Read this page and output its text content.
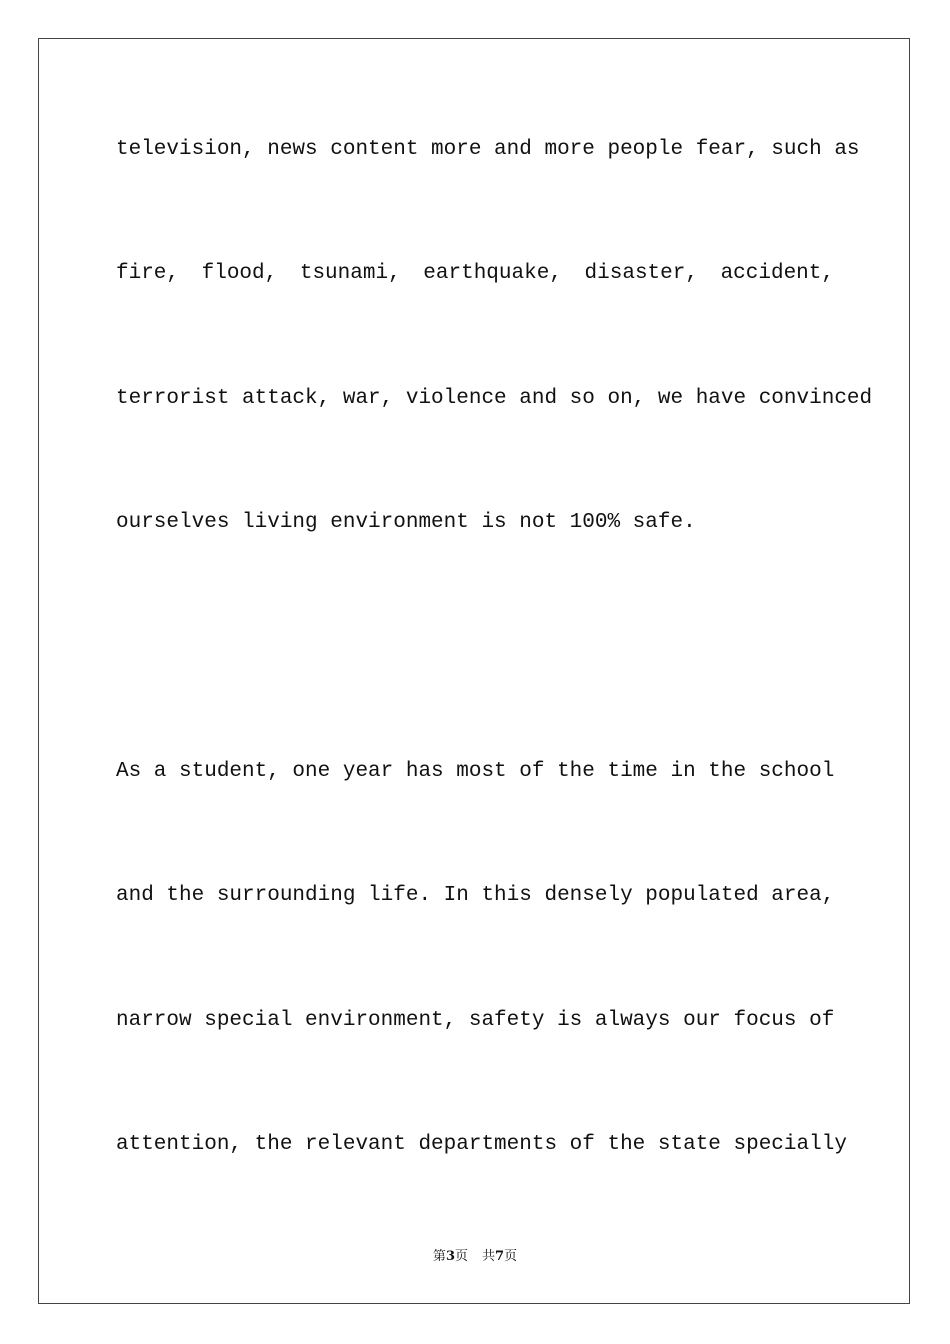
television, news content more and more people fear, such as
fire, flood, tsunami, earthquake, disaster, accident,
terrorist attack, war, violence and so on, we have convinced
ourselves living environment is not 100% safe.
As a student, one year has most of the time in the school
and the surrounding life. In this densely populated area,
narrow special environment, safety is always our focus of
attention, the relevant departments of the state specially
第3页 共7页
